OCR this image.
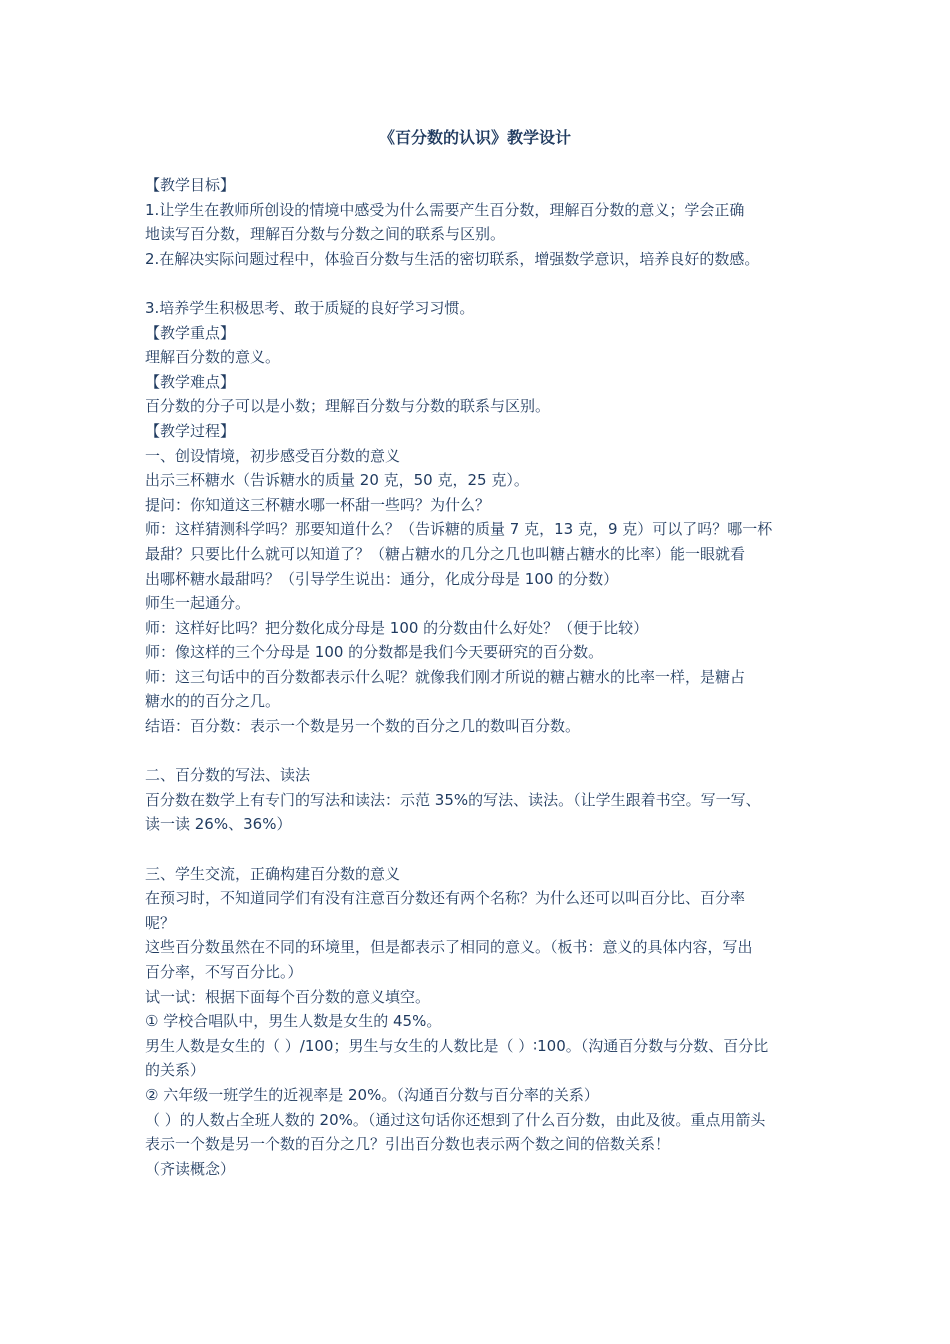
《百分数的认识》教学设计

【教学目标】

1.让学生在教师所创设的情境中感受为什么需要产生百分数，理解百分数的意义；学会正确

地读写百分数，理解百分数与分数之间的联系与区别。

2.在解决实际问题过程中，体验百分数与生活的密切联系，增强数学意识，培养良好的数感。

3.培养学生积极思考、敢于质疑的良好学习习惯。

【教学重点】

理解百分数的意义。

【教学难点】

百分数的分子可以是小数；理解百分数与分数的联系与区别。

【教学过程】

一、创设情境，初步感受百分数的意义

出示三杯糖水（告诉糖水的质量 20 克，50 克，25 克）。

提问：你知道这三杯糖水哪一杯甜一些吗？为什么？

师：这样猜测科学吗？那要知道什么？（告诉糖的质量 7 克，13 克，9 克）可以了吗？哪一杯

最甜？只要比什么就可以知道了？（糖占糖水的几分之几也叫糖占糖水的比率）能一眼就看

出哪杯糖水最甜吗？（引导学生说出：通分，化成分母是 100 的分数）

师生一起通分。

师：这样好比吗？把分数化成分母是 100 的分数由什么好处？（便于比较）

师：像这样的三个分母是 100 的分数都是我们今天要研究的百分数。

师：这三句话中的百分数都表示什么呢？就像我们刚才所说的糖占糖水的比率一样，是糖占

糖水的的百分之几。

结语：百分数：表示一个数是另一个数的百分之几的数叫百分数。

二、百分数的写法、读法

百分数在数学上有专门的写法和读法：示范 35%的写法、读法。（让学生跟着书空。写一写、

读一读 26%、36%）

三、学生交流，正确构建百分数的意义

在预习时，不知道同学们有没有注意百分数还有两个名称？为什么还可以叫百分比、百分率

呢？

这些百分数虽然在不同的环境里，但是都表示了相同的意义。（板书：意义的具体内容，写出

百分率，不写百分比。）

试一试：根据下面每个百分数的意义填空。

① 学校合唱队中，男生人数是女生的 45%。

男生人数是女生的（ ）/100；男生与女生的人数比是（ ）∶100。（沟通百分数与分数、百分比

的关系）

② 六年级一班学生的近视率是 20%。（沟通百分数与百分率的关系）

（ ）的人数占全班人数的 20%。（通过这句话你还想到了什么百分数，由此及彼。重点用箭头

表示一个数是另一个数的百分之几？引出百分数也表示两个数之间的倍数关系！

（齐读概念）
